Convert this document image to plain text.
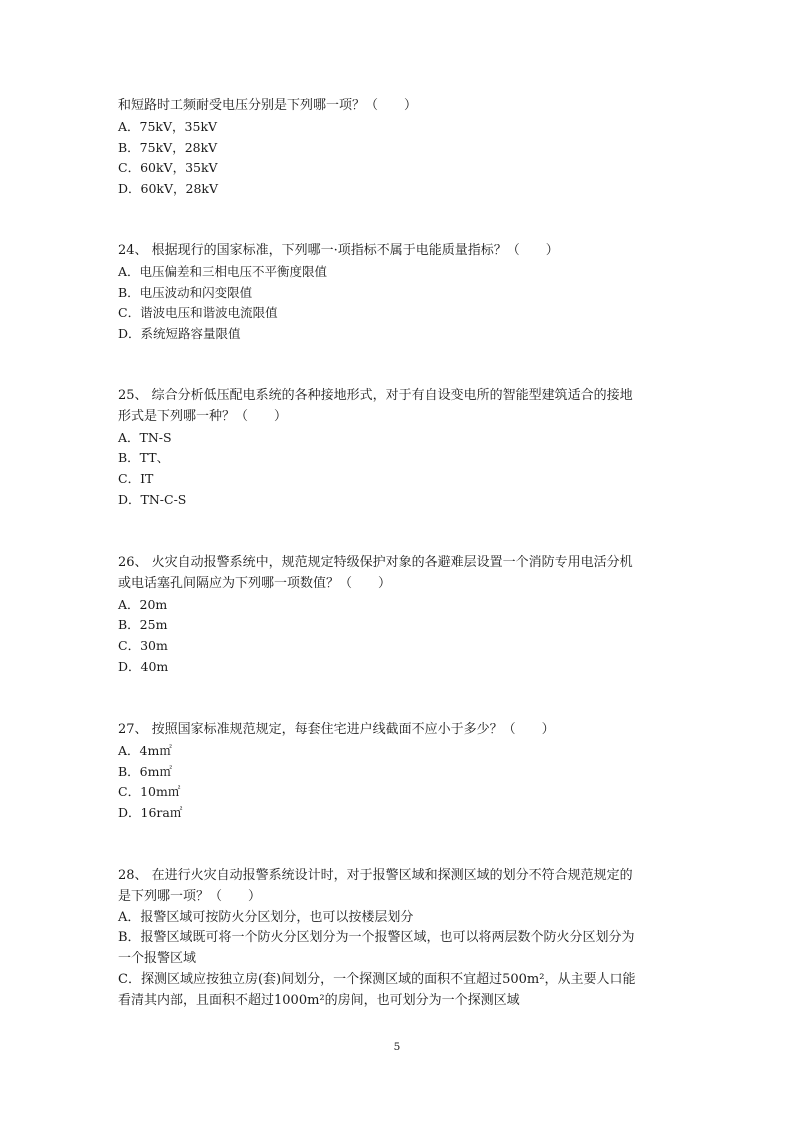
和短路时工频耐受电压分别是下列哪一项？（　　）
A．75kV，35kV
B．75kV，28kV
C．60kV，35kV
D．60kV，28kV
24、 根据现行的国家标准，下列哪一·项指标不属于电能质量指标？（　　）
A．电压偏差和三相电压不平衡度限值
B．电压波动和闪变限值
C．谐波电压和谐波电流限值
D．系统短路容量限值
25、 综合分析低压配电系统的各种接地形式，对于有自设变电所的智能型建筑适合的接地
形式是下列哪一种？（　　）
A．TN-S
B．TT、
C．IT
D．TN-C-S
26、 火灾自动报警系统中，规范规定特级保护对象的各避难层设置一个消防专用电活分机
或电话塞孔间隔应为下列哪一项数值？（　　）
A．20m
B．25m
C．30m
D．40m
27、 按照国家标准规范规定，每套住宅进户线截面不应小于多少？（　　）
A．4m㎡
B．6m㎡
C．10m㎡
D．16ra㎡
28、 在进行火灾自动报警系统设计时，对于报警区域和探测区域的划分不符合规范规定的
是下列哪一项？（　　）
A．报警区域可按防火分区划分，也可以按楼层划分
B．报警区域既可将一个防火分区划分为一个报警区域，也可以将两层数个防火分区划分为
一个报警区域
C．探测区域应按独立房(套)间划分，一个探测区域的面积不宜超过500m²，从主要人口能
看清其内部，且面积不超过1000m²的房间，也可划分为一个探测区域
5
